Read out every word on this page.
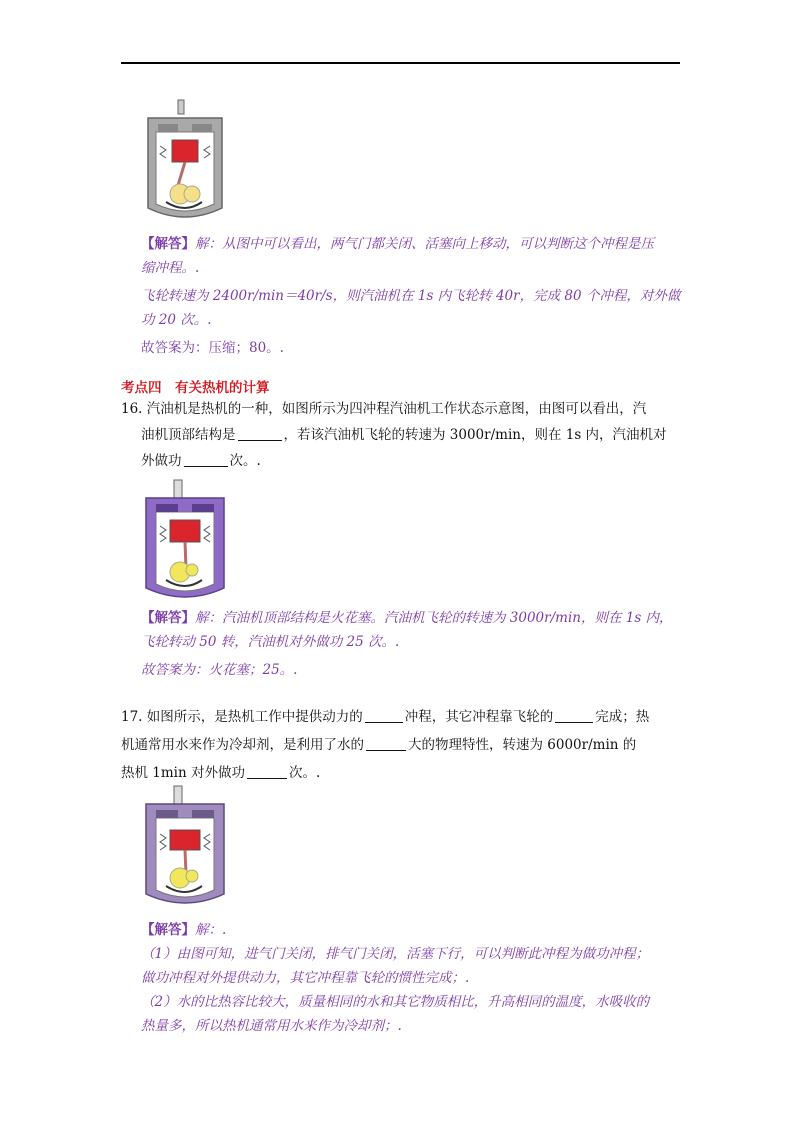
【解答】解：从图中可以看出，两气门都关闭、活塞向上移动，可以判断这个冲程是压
缩冲程。.
飞轮转速为 2400r/min＝40r/s，则汽油机在 1s 内飞轮转 40r，完成 80 个冲程，对外做
功 20 次。.
故答案为：压缩；80。.
考点四　有关热机的计算
16. 汽油机是热机的一种，如图所示为四冲程汽油机工作状态示意图，由图可以看出，汽
油机顶部结构是	，若该汽油机飞轮的转速为 3000r/min，则在 1s 内，汽油机对
外做功	次。.
【解答】解：汽油机顶部结构是火花塞。汽油机飞轮的转速为 3000r/min，则在 1s 内，
飞轮转动 50 转，汽油机对外做功 25 次。.
故答案为：火花塞；25。.
17. 如图所示，是热机工作中提供动力的	冲程，其它冲程靠飞轮的	完成；热
机通常用水来作为冷却剂，是利用了水的	大的物理特性，转速为 6000r/min 的
热机 1min 对外做功	次。.
【解答】解：.
（1）由图可知，进气门关闭，排气门关闭，活塞下行，可以判断此冲程为做功冲程；
做功冲程对外提供动力，其它冲程靠飞轮的惯性完成；.
（2）水的比热容比较大，质量相同的水和其它物质相比，升高相同的温度，水吸收的
热量多，所以热机通常用水来作为冷却剂；.
